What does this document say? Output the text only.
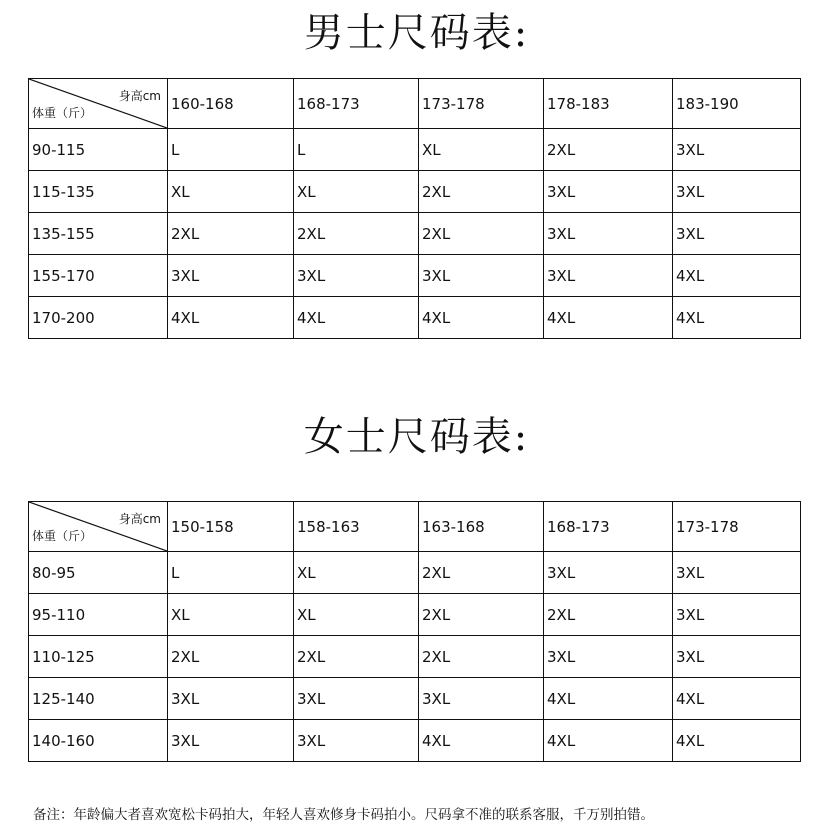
男士尺码表:
身高cm
体重（斤）	160-168	168-173	173-178	178-183	183-190
90-115	L	L	XL	2XL	3XL
115-135	XL	XL	2XL	3XL	3XL
135-155	2XL	2XL	2XL	3XL	3XL
155-170	3XL	3XL	3XL	3XL	4XL
170-200	4XL	4XL	4XL	4XL	4XL
女士尺码表:
身高cm
体重（斤）	150-158	158-163	163-168	168-173	173-178
80-95	L	XL	2XL	3XL	3XL
95-110	XL	XL	2XL	2XL	3XL
110-125	2XL	2XL	2XL	3XL	3XL
125-140	3XL	3XL	3XL	4XL	4XL
140-160	3XL	3XL	4XL	4XL	4XL
备注：年龄偏大者喜欢宽松卡码拍大，年轻人喜欢修身卡码拍小。尺码拿不准的联系客服，千万别拍错。
